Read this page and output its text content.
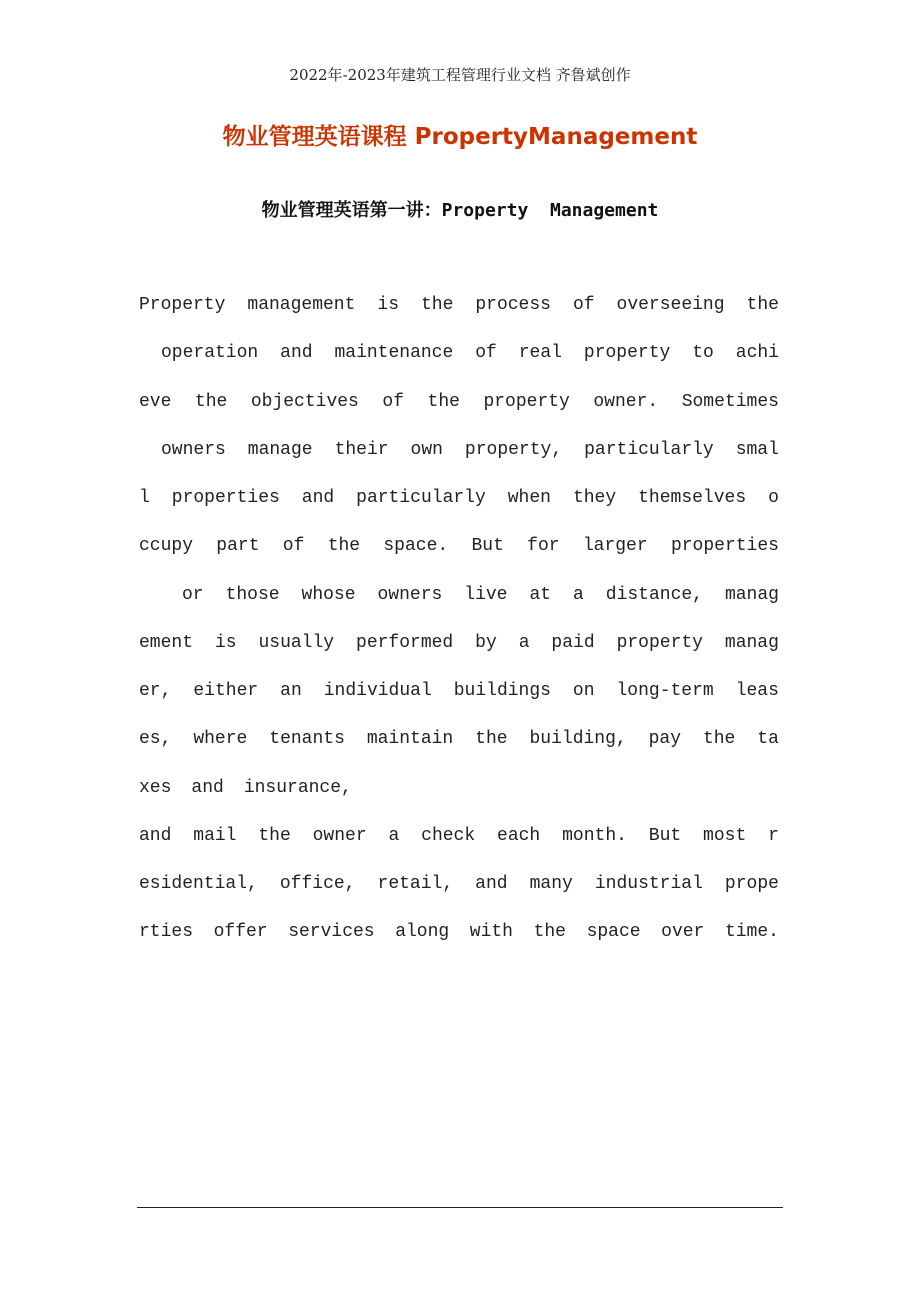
2022年-2023年建筑工程管理行业文档 齐鲁斌创作
物业管理英语课程 PropertyManagement
物业管理英语第一讲：Property  Management
Property management is the process of overseeing the
operation and maintenance of real property to achi
eve the objectives of the property owner. Sometimes
owners manage their own property, particularly smal
l properties and particularly when they themselves o
ccupy part of the space. But for larger properties
or those whose owners live at a distance, manag
ement is usually performed by a paid property manag
er, either an individual buildings on long-term leas
es, where tenants maintain the building, pay the ta
xes and insurance,
and mail the owner a check each month. But most r
esidential, office, retail, and many industrial prope
rties offer services along with the space over time.
